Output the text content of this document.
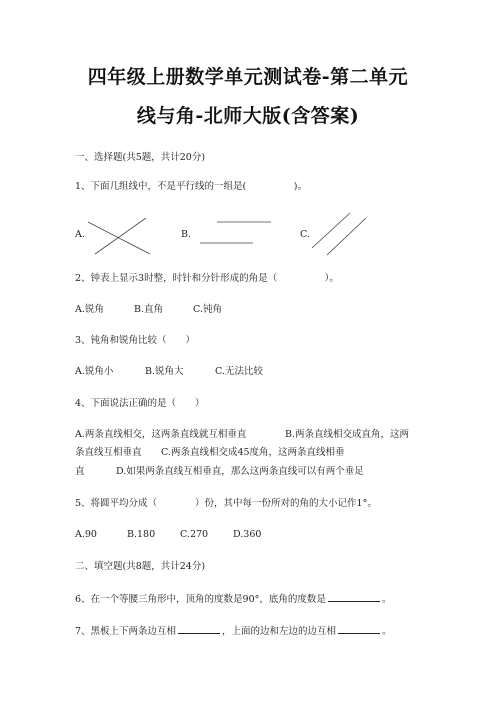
四年级上册数学单元测试卷-第二单元
线与角-北师大版(含答案)
一、选择题(共5题，共计20分)
1、下面几组线中，不是平行线的一组是(　　　　　)。
A.	B.	C.
2、钟表上显示3时整，时针和分针形成的角是（　　　　　）。
A.锐角	B.直角	C.钝角
3、钝角和锐角比较（　　）
A.锐角小	B.锐角大	C.无法比较
4、下面说法正确的是（　　）
A.两条直线相交，这两条直线就互相垂直	B.两条直线相交成直角，这两
条直线互相垂直 C.两条直线相交成45度角，这两条直线相垂
直	D.如果两条直线互相垂直，那么这两条直线可以有两个垂足
5、将圆平均分成（　　　　）份，其中每一份所对的角的大小记作1°。
A.90	B.180	C.270	D.360
二、填空题(共8题，共计24分)
6、在一个等腰三角形中，顶角的度数是90°，底角的度数是	。
7、黑板上下两条边互相	，上面的边和左边的边互相	。
